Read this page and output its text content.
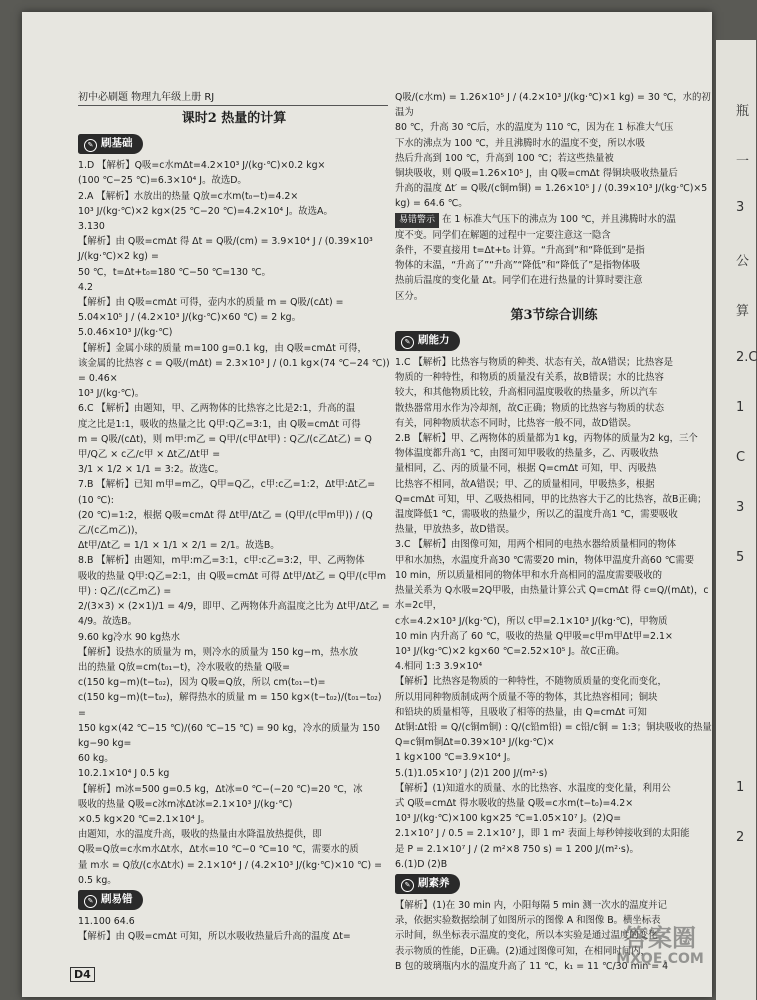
初中必刷题 物理九年级上册 RJ
课时2 热量的计算
✎ 刷基础

1.D 【解析】Q吸=c水mΔt=4.2×10³ J/(kg·℃)×0.2 kg×

(100 ℃−25 ℃)=6.3×10⁴ J。故选D。

2.A 【解析】水放出的热量 Q放=c水m(t₀−t)=4.2×

10³ J/(kg·℃)×2 kg×(25 ℃−20 ℃)=4.2×10⁴ J。故选A。

3.130

【解析】由 Q吸=cmΔt 得 Δt = Q吸/(cm) = 3.9×10⁴ J / (0.39×10³ J/(kg·℃)×2 kg) =

50 ℃，t=Δt+t₀=180 ℃−50 ℃=130 ℃。

4.2

【解析】由 Q吸=cmΔt 可得，壶内水的质量 m = Q吸/(cΔt) =

5.04×10⁵ J / (4.2×10³ J/(kg·℃)×60 ℃) = 2 kg。

5.0.46×10³ J/(kg·℃)

【解析】金属小球的质量 m=100 g=0.1 kg，由 Q吸=cmΔt 可得，

该金属的比热容 c = Q吸/(mΔt) = 2.3×10³ J / (0.1 kg×(74 ℃−24 ℃)) = 0.46×

10³ J/(kg·℃)。

6.C 【解析】由题知，甲、乙两物体的比热容之比是2:1，升高的温

度之比是1:1，吸收的热量之比 Q甲:Q乙=3:1，由 Q吸=cmΔt 可得

m = Q吸/(cΔt)，则 m甲:m乙 = Q甲/(c甲Δt甲) : Q乙/(c乙Δt乙) = Q甲/Q乙 × c乙/c甲 × Δt乙/Δt甲 =

3/1 × 1/2 × 1/1 = 3:2。故选C。

7.B 【解析】已知 m甲=m乙，Q甲=Q乙，c甲:c乙=1:2，Δt甲:Δt乙=(10 ℃):

(20 ℃)=1:2，根据 Q吸=cmΔt 得 Δt甲/Δt乙 = (Q甲/(c甲m甲)) / (Q乙/(c乙m乙))，

Δt甲/Δt乙 = 1/1 × 1/1 × 2/1 = 2/1。故选B。

8.B 【解析】由题知，m甲:m乙=3:1，c甲:c乙=3:2，甲、乙两物体

吸收的热量 Q甲:Q乙=2:1，由 Q吸=cmΔt 可得 Δt甲/Δt乙 = Q甲/(c甲m甲) : Q乙/(c乙m乙) =

2/(3×3) × (2×1)/1 = 4/9，即甲、乙两物体升高温度之比为 Δt甲/Δt乙 =

4/9。故选B。

9.60 kg冷水 90 kg热水

【解析】设热水的质量为 m，则冷水的质量为 150 kg−m，热水放

出的热量 Q放=cm(t₀₁−t)，冷水吸收的热量 Q吸=

c(150 kg−m)(t−t₀₂)，因为 Q吸=Q放，所以 cm(t₀₁−t)=

c(150 kg−m)(t−t₀₂)，解得热水的质量 m = 150 kg×(t−t₀₂)/(t₀₁−t₀₂) =

150 kg×(42 ℃−15 ℃)/(60 ℃−15 ℃) = 90 kg，冷水的质量为 150 kg−90 kg=

60 kg。

10.2.1×10⁴ J 0.5 kg

【解析】m冰=500 g=0.5 kg，Δt冰=0 ℃−(−20 ℃)=20 ℃，冰

吸收的热量 Q吸=c冰m冰Δt冰=2.1×10³ J/(kg·℃)

×0.5 kg×20 ℃=2.1×10⁴ J。

由题知，水的温度升高，吸收的热量由水降温放热提供，即

Q吸=Q放=c水m水Δt水，Δt水=10 ℃−0 ℃=10 ℃，需要水的质

量 m水 = Q放/(c水Δt水) = 2.1×10⁴ J / (4.2×10³ J/(kg·℃)×10 ℃) = 0.5 kg。

✎ 刷易错

11.100 64.6

【解析】由 Q吸=cmΔt 可知，所以水吸收热量后升高的温度 Δt=

Q吸/(c水m) = 1.26×10⁵ J / (4.2×10³ J/(kg·℃)×1 kg) = 30 ℃，水的初温为

80 ℃，升高 30 ℃后，水的温度为 110 ℃，因为在 1 标准大气压

下水的沸点为 100 ℃，并且沸腾时水的温度不变，所以水吸

热后升高到 100 ℃，升高到 100 ℃；若这些热量被

铜块吸收，则 Q吸=1.26×10⁵ J，由 Q吸=cmΔt 得铜块吸收热量后

升高的温度 Δt′ = Q吸/(c铜m铜) = 1.26×10⁵ J / (0.39×10³ J/(kg·℃)×5 kg) = 64.6 ℃。

易错警示 在 1 标准大气压下的沸点为 100 ℃，并且沸腾时水的温

度不变。同学们在解题的过程中一定要注意这一隐含

条件，不要直接用 t=Δt+t₀ 计算。“升高到”和“降低到”是指

物体的末温，“升高了”“升高”“降低”和“降低了”是指物体吸

热前后温度的变化量 Δt。同学们在进行热量的计算时要注意

区分。

第3节综合训练
✎ 刷能力

1.C 【解析】比热容与物质的种类、状态有关，故A错误；比热容是

物质的一种特性，和物质的质量没有关系，故B错误；水的比热容

较大，和其他物质比较，升高相同温度吸收的热量多，所以汽车

散热器常用水作为冷却剂，故C正确；物质的比热容与物质的状态

有关，同种物质状态不同时，比热容一般不同，故D错误。

2.B 【解析】甲、乙两物体的质量都为1 kg，丙物体的质量为2 kg，三个

物体温度都升高1 ℃，由图可知甲吸收的热量多，乙、丙吸收热

量相同，乙、丙的质量不同，根据 Q=cmΔt 可知，甲、丙吸热

比热容不相同，故A错误；甲、乙的质量相同，甲吸热多，根据

Q=cmΔt 可知，甲、乙吸热相同，甲的比热容大于乙的比热容，故B正确；

温度降低1 ℃，需吸收的热量少，所以乙的温度升高1 ℃，需要吸收

热量，甲放热多，故D错误。

3.C 【解析】由图像可知，用两个相同的电热水器给质量相同的物体

甲和水加热，水温度升高30 ℃需要20 min，物体甲温度升高60 ℃需要

10 min，所以质量相同的物体甲和水升高相同的温度需要吸收的

热量关系为 Q水吸=2Q甲吸，由热量计算公式 Q=cmΔt 得 c=Q/(mΔt)，c水=2c甲，

c水=4.2×10³ J/(kg·℃)，所以 c甲=2.1×10³ J/(kg·℃)，甲物质

10 min 内升高了 60 ℃，吸收的热量 Q甲吸=c甲m甲Δt甲=2.1×

10³ J/(kg·℃)×2 kg×60 ℃=2.52×10⁵ J。故C正确。

4.相同 1:3 3.9×10⁴

【解析】比热容是物质的一种特性，不随物质质量的变化而变化，

所以用同种物质制成两个质量不等的物体，其比热容相同；铜块

和铅块的质量相等，且吸收了相等的热量，由 Q=cmΔt 可知

Δt铜:Δt铅 = Q/(c铜m铜) : Q/(c铅m铅) = c铅/c铜 = 1:3；铜块吸收的热量 Q=c铜m铜Δt=0.39×10³ J/(kg·℃)×

1 kg×100 ℃=3.9×10⁴ J。

5.(1)1.05×10⁷ J (2)1 200 J/(m²·s)

【解析】(1)知道水的质量、水的比热容、水温度的变化量，利用公

式 Q吸=cmΔt 得水吸收的热量 Q吸=c水m(t−t₀)=4.2×

10³ J/(kg·℃)×100 kg×25 ℃=1.05×10⁷ J。(2)Q=

2.1×10⁷ J / 0.5 = 2.1×10⁷ J，即 1 m² 表面上每秒钟接收到的太阳能

是 P = 2.1×10⁷ J / (2 m²×8 750 s) = 1 200 J/(m²·s)。

6.(1)D (2)B

✎ 刷素养

【解析】(1)在 30 min 内，小阳每隔 5 min 测一次水的温度并记

录，依据实验数据绘制了如图所示的图像 A 和图像 B。横坐标表

示时间，纵坐标表示温度的变化，所以本实验是通过温度的变化

表示物质的性能，D正确。(2)通过图像可知，在相同时间内，

B 包的玻璃瓶内水的温度升高了 11 ℃，k₁ = 11 ℃/30 min = 4

D4
瓶
一
3
公
算
2.C
1
C
3
5
1
2
答案圈
MXQE.COM
